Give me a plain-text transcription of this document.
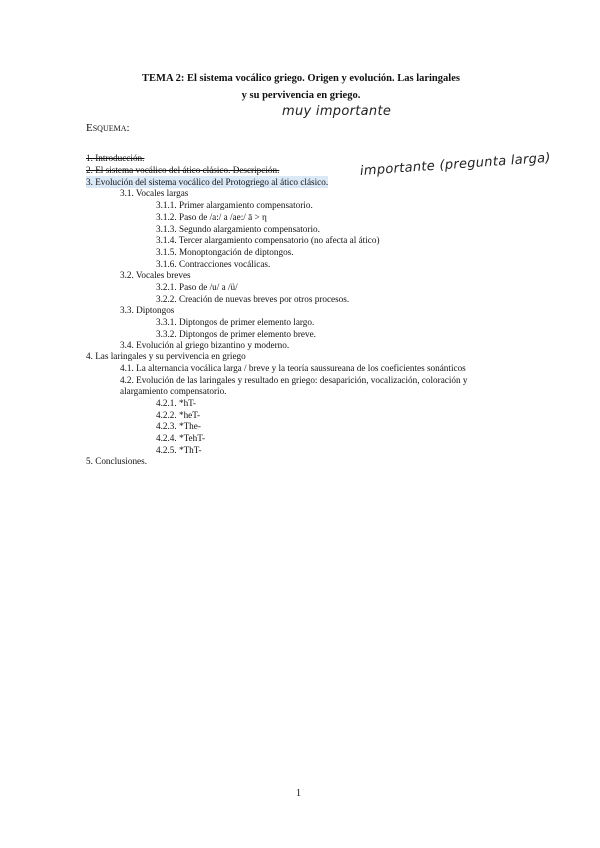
TEMA 2: El sistema vocálico griego. Origen y evolución. Las laringales
y su pervivencia en griego.
muy importante
Esquema:
1. Introducción.
2. El sistema vocálico del ático clásico. Descripción.
3. Evolución del sistema vocálico del Protogriego al ático clásico.
3.1. Vocales largas
3.1.1. Primer alargamiento compensatorio.
3.1.2. Paso de /a:/ a /ae:/ ā > η
3.1.3. Segundo alargamiento compensatorio.
3.1.4. Tercer alargamiento compensatorio (no afecta al ático)
3.1.5. Monoptongación de diptongos.
3.1.6. Contracciones vocálicas.
3.2. Vocales breves
3.2.1. Paso de /u/ a /ü/
3.2.2. Creación de nuevas breves por otros procesos.
3.3. Diptongos
3.3.1. Diptongos de primer elemento largo.
3.3.2. Diptongos de primer elemento breve.
3.4. Evolución al griego bizantino y moderno.
4. Las laringales y su pervivencia en griego
4.1. La alternancia vocálica larga / breve y la teoría saussureana de los coeficientes sonánticos
4.2. Evolución de las laringales y resultado en griego: desaparición, vocalización, coloración y
alargamiento compensatorio.
4.2.1. *hT-
4.2.2. *heT-
4.2.3. *The-
4.2.4. *TehT-
4.2.5. *ThT-
5. Conclusiones.
importante (pregunta larga)
1
